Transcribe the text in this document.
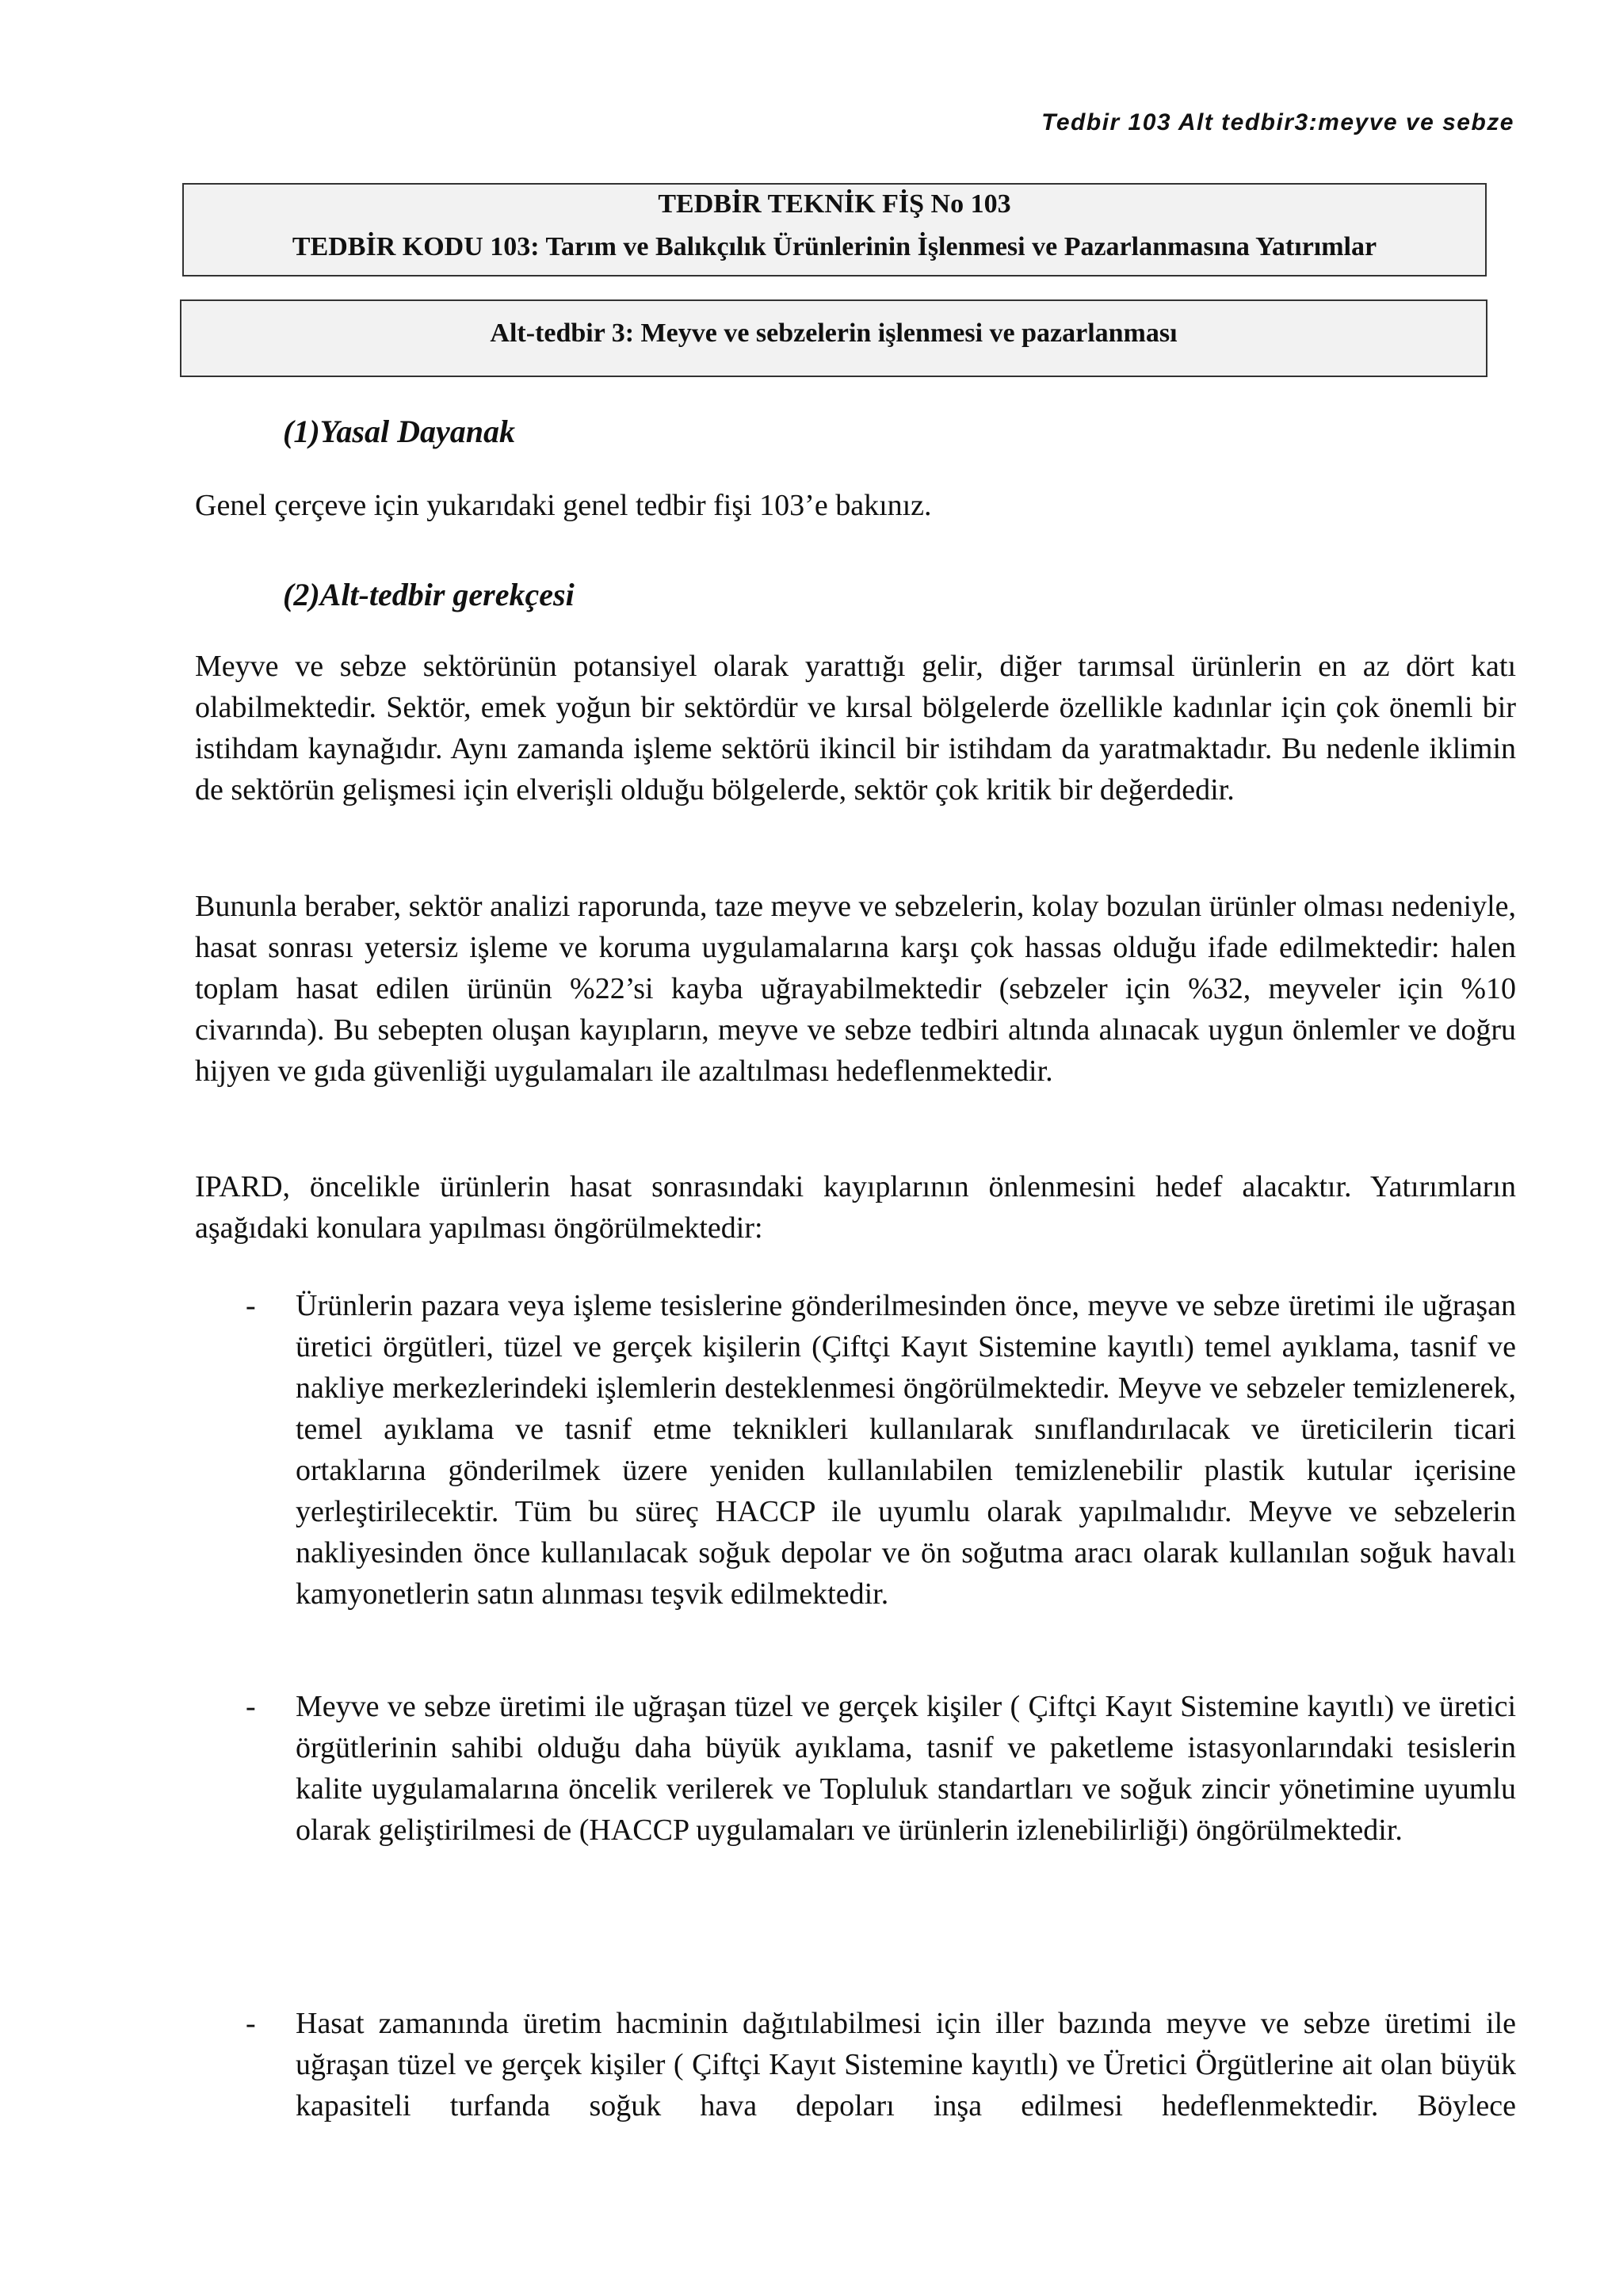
Tedbir 103 Alt tedbir3:meyve ve sebze
TEDBİR TEKNİK FİŞ No 103
TEDBİR KODU 103: Tarım ve Balıkçılık Ürünlerinin İşlenmesi ve Pazarlanmasına Yatırımlar
Alt-tedbir 3: Meyve ve sebzelerin işlenmesi ve pazarlanması
(1)Yasal Dayanak
Genel çerçeve için yukarıdaki genel tedbir fişi 103’e bakınız.
(2)Alt-tedbir gerekçesi
Meyve ve sebze sektörünün potansiyel olarak yarattığı gelir, diğer tarımsal ürünlerin en az dört katı olabilmektedir. Sektör, emek yoğun bir sektördür ve kırsal bölgelerde özellikle kadınlar için çok önemli bir istihdam kaynağıdır. Aynı zamanda işleme sektörü ikincil bir istihdam da yaratmaktadır. Bu nedenle iklimin de sektörün gelişmesi için elverişli olduğu bölgelerde, sektör çok kritik bir değerdedir.
Bununla beraber, sektör analizi raporunda, taze meyve ve sebzelerin, kolay bozulan ürünler olması nedeniyle, hasat sonrası yetersiz işleme ve koruma uygulamalarına karşı çok hassas olduğu ifade edilmektedir: halen toplam hasat edilen ürünün %22’si kayba uğrayabilmektedir (sebzeler için %32, meyveler için %10 civarında). Bu sebepten oluşan kayıpların, meyve ve sebze tedbiri altında alınacak uygun önlemler ve doğru hijyen ve gıda güvenliği uygulamaları ile azaltılması hedeflenmektedir.
IPARD, öncelikle ürünlerin hasat sonrasındaki kayıplarının önlenmesini hedef alacaktır. Yatırımların aşağıdaki konulara yapılması öngörülmektedir:
- Ürünlerin pazara veya işleme tesislerine gönderilmesinden önce, meyve ve sebze üretimi ile uğraşan üretici örgütleri, tüzel ve gerçek kişilerin (Çiftçi Kayıt Sistemine kayıtlı) temel ayıklama, tasnif ve nakliye merkezlerindeki işlemlerin desteklenmesi öngörülmektedir. Meyve ve sebzeler temizlenerek, temel ayıklama ve tasnif etme teknikleri kullanılarak sınıflandırılacak ve üreticilerin ticari ortaklarına gönderilmek üzere yeniden kullanılabilen temizlenebilir plastik kutular içerisine yerleştirilecektir. Tüm bu süreç HACCP ile uyumlu olarak yapılmalıdır. Meyve ve sebzelerin nakliyesinden önce kullanılacak soğuk depolar ve ön soğutma aracı olarak kullanılan soğuk havalı kamyonetlerin satın alınması teşvik edilmektedir.
- Meyve ve sebze üretimi ile uğraşan tüzel ve gerçek kişiler ( Çiftçi Kayıt Sistemine kayıtlı) ve üretici örgütlerinin sahibi olduğu daha büyük ayıklama, tasnif ve paketleme istasyonlarındaki tesislerin kalite uygulamalarına öncelik verilerek ve Topluluk standartları ve soğuk zincir yönetimine uyumlu olarak geliştirilmesi de (HACCP uygulamaları ve ürünlerin izlenebilirliği) öngörülmektedir.
- Hasat zamanında üretim hacminin dağıtılabilmesi için iller bazında meyve ve sebze üretimi ile uğraşan tüzel ve gerçek kişiler ( Çiftçi Kayıt Sistemine kayıtlı) ve Üretici Örgütlerine ait olan büyük kapasiteli turfanda soğuk hava depoları inşa edilmesi hedeflenmektedir. Böylece
